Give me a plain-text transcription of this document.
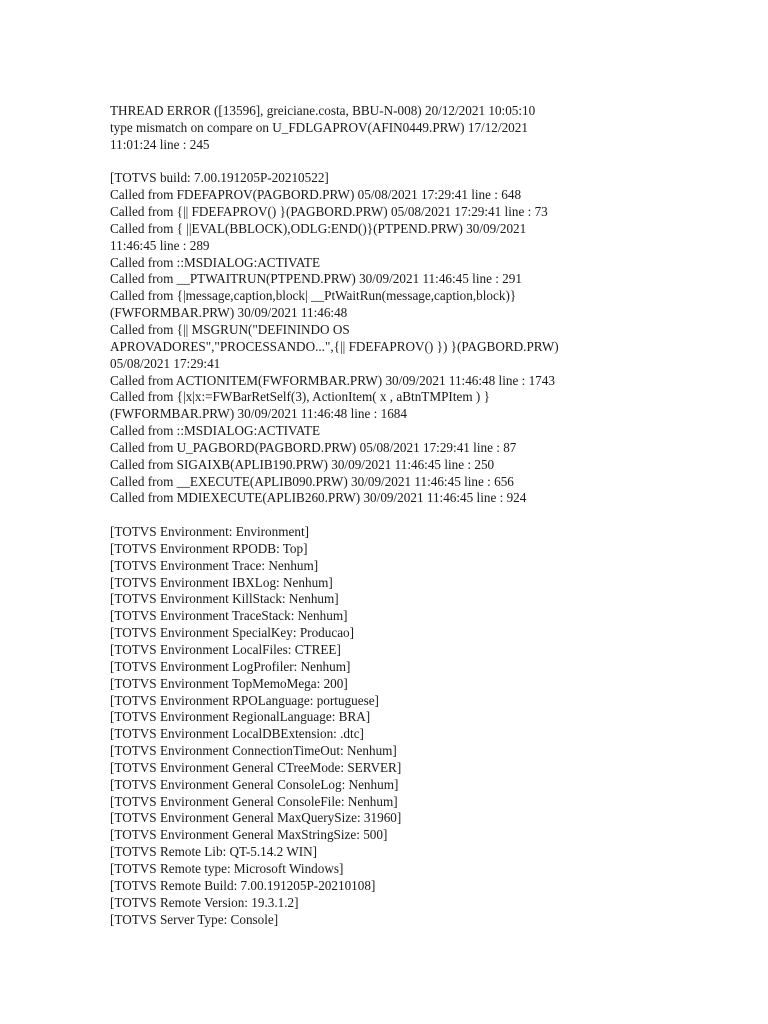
THREAD ERROR ([13596], greiciane.costa, BBU-N-008) 20/12/2021 10:05:10
type mismatch on compare on U_FDLGAPROV(AFIN0449.PRW) 17/12/2021
11:01:24 line : 245
[TOTVS build: 7.00.191205P-20210522]
Called from FDEFAPROV(PAGBORD.PRW) 05/08/2021 17:29:41 line : 648
Called from {|| FDEFAPROV() }(PAGBORD.PRW) 05/08/2021 17:29:41 line : 73
Called from { ||EVAL(BBLOCK),ODLG:END()}(PTPEND.PRW) 30/09/2021
11:46:45 line : 289
Called from ::MSDIALOG:ACTIVATE
Called from __PTWAITRUN(PTPEND.PRW) 30/09/2021 11:46:45 line : 291
Called from {|message,caption,block| __PtWaitRun(message,caption,block)}
(FWFORMBAR.PRW) 30/09/2021 11:46:48
Called from {|| MSGRUN("DEFININDO OS
APROVADORES","PROCESSANDO...",{|| FDEFAPROV() }) }(PAGBORD.PRW)
05/08/2021 17:29:41
Called from ACTIONITEM(FWFORMBAR.PRW) 30/09/2021 11:46:48 line : 1743
Called from {|x|x:=FWBarRetSelf(3), ActionItem( x , aBtnTMPItem ) }
(FWFORMBAR.PRW) 30/09/2021 11:46:48 line : 1684
Called from ::MSDIALOG:ACTIVATE
Called from U_PAGBORD(PAGBORD.PRW) 05/08/2021 17:29:41 line : 87
Called from SIGAIXB(APLIB190.PRW) 30/09/2021 11:46:45 line : 250
Called from __EXECUTE(APLIB090.PRW) 30/09/2021 11:46:45 line : 656
Called from MDIEXECUTE(APLIB260.PRW) 30/09/2021 11:46:45 line : 924
[TOTVS Environment: Environment]
[TOTVS Environment RPODB: Top]
[TOTVS Environment Trace: Nenhum]
[TOTVS Environment IBXLog: Nenhum]
[TOTVS Environment KillStack: Nenhum]
[TOTVS Environment TraceStack: Nenhum]
[TOTVS Environment SpecialKey: Producao]
[TOTVS Environment LocalFiles: CTREE]
[TOTVS Environment LogProfiler: Nenhum]
[TOTVS Environment TopMemoMega: 200]
[TOTVS Environment RPOLanguage: portuguese]
[TOTVS Environment RegionalLanguage: BRA]
[TOTVS Environment LocalDBExtension: .dtc]
[TOTVS Environment ConnectionTimeOut: Nenhum]
[TOTVS Environment General CTreeMode: SERVER]
[TOTVS Environment General ConsoleLog: Nenhum]
[TOTVS Environment General ConsoleFile: Nenhum]
[TOTVS Environment General MaxQuerySize: 31960]
[TOTVS Environment General MaxStringSize: 500]
[TOTVS Remote Lib: QT-5.14.2 WIN]
[TOTVS Remote type: Microsoft Windows]
[TOTVS Remote Build: 7.00.191205P-20210108]
[TOTVS Remote Version: 19.3.1.2]
[TOTVS Server Type: Console]
